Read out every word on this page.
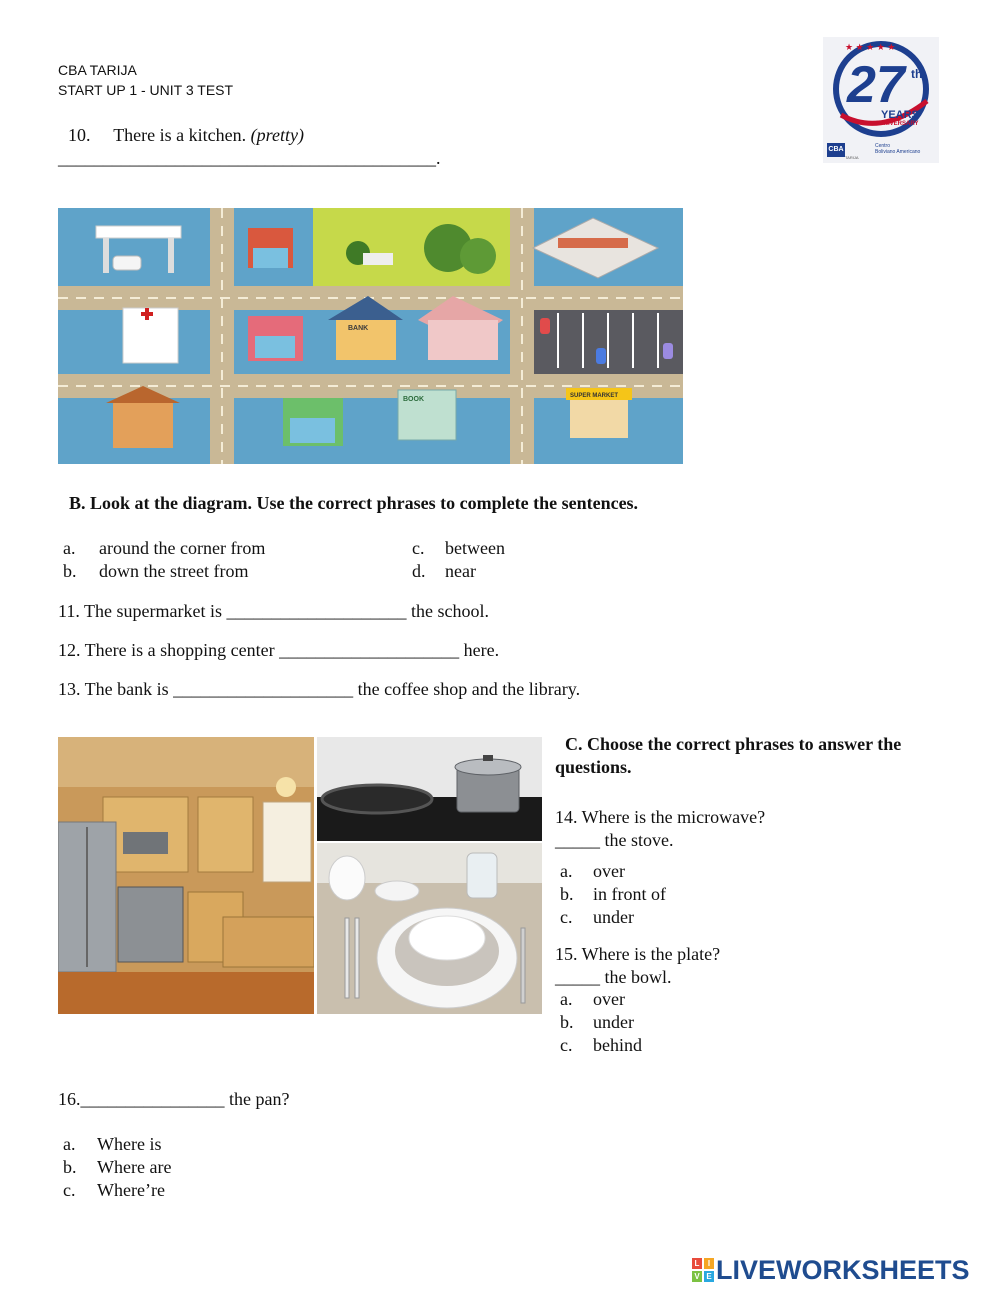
CBA TARIJA
START UP 1 - UNIT 3 TEST
★ ★ ★ ★ ★
27 th
YEARS
ANNIVERSARY
CBA
TARIJA
Centro
Boliviano Americano
10. There is a kitchen. (pretty)
__________________________________________.
BANK
BOOK	SUPER MARKET
B. Look at the diagram. Use the correct phrases to complete the sentences.
a.	around the corner from
b.	down the street from
c.	between
d.	near
11. The supermarket is ____________________ the school.
12. There is a shopping center ____________________ here.
13. The bank is ____________________ the coffee shop and the library.
C. Choose the correct phrases to answer the
questions.
14. Where is the microwave?
_____ the stove.
a.	over
b.	in front of
c.	under
15. Where is the plate?
_____ the bowl.
a.	over
b.	under
c.	behind
16.________________ the pan?
a.	Where is
b.	Where are
c.	Where’re
L	I
V E LIVEWORKSHEETS
